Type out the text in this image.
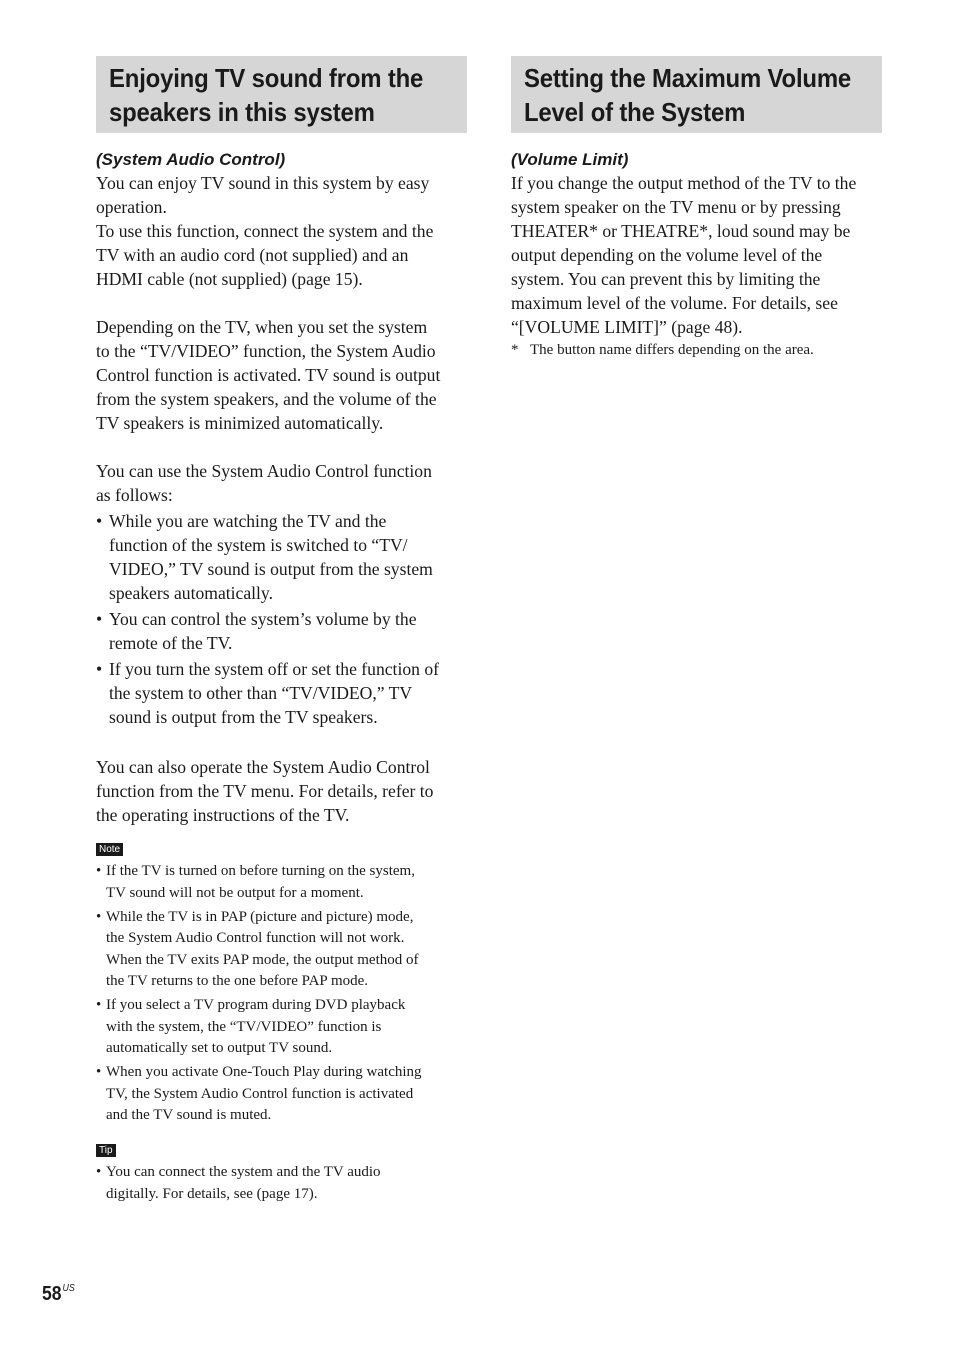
Enjoying TV sound from the
speakers in this system
(System Audio Control)

You can enjoy TV sound in this system by easy
operation.
To use this function, connect the system and the
TV with an audio cord (not supplied) and an
HDMI cable (not supplied) (page 15).

Depending on the TV, when you set the system
to the “TV/VIDEO” function, the System Audio
Control function is activated. TV sound is output
from the system speakers, and the volume of the
TV speakers is minimized automatically.

You can use the System Audio Control function
as follows:

• While you are watching the TV and the
function of the system is switched to “TV/
VIDEO,” TV sound is output from the system
speakers automatically.
• You can control the system’s volume by the
remote of the TV.
• If you turn the system off or set the function of
the system to other than “TV/VIDEO,” TV
sound is output from the TV speakers.

You can also operate the System Audio Control
function from the TV menu. For details, refer to
the operating instructions of the TV.

Note
• If the TV is turned on before turning on the system,
TV sound will not be output for a moment.
• While the TV is in PAP (picture and picture) mode,
the System Audio Control function will not work.
When the TV exits PAP mode, the output method of
the TV returns to the one before PAP mode.
• If you select a TV program during DVD playback
with the system, the “TV/VIDEO” function is
automatically set to output TV sound.
• When you activate One-Touch Play during watching
TV, the System Audio Control function is activated
and the TV sound is muted.
Tip
• You can connect the system and the TV audio
digitally. For details, see (page 17).
Setting the Maximum Volume
Level of the System
(Volume Limit)

If you change the output method of the TV to the
system speaker on the TV menu or by pressing
THEATER* or THEATRE*, loud sound may be
output depending on the volume level of the
system. You can prevent this by limiting the
maximum level of the volume. For details, see
“[VOLUME LIMIT]” (page 48).

* The button name differs depending on the area.
$58^{US}$
